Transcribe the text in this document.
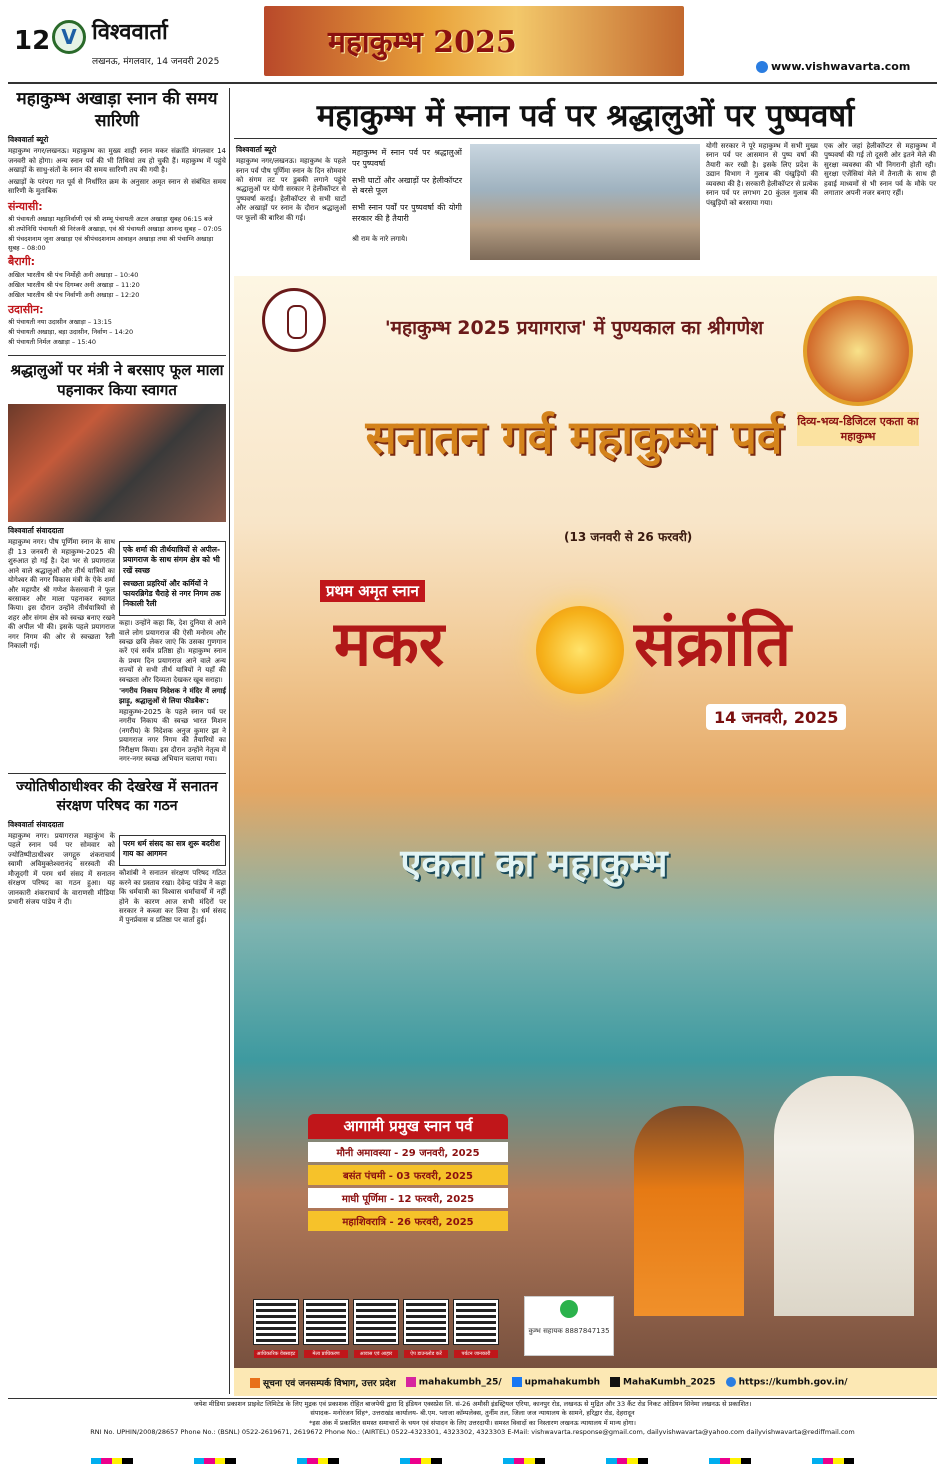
12 V विश्ववार्ता
लखनऊ, मंगलवार, 14 जनवरी 2025
महाकुम्भ 2025
www.vishwavarta.com
महाकुम्भ अखाड़ा स्नान की समय सारिणी
विश्ववार्ता ब्यूरो

महाकुम्भ नगर/लखनऊ। महाकुम्भ का मुख्य शाही स्नान मकर संक्रांति मंगलवार 14 जनवरी को होगा। अन्य स्नान पर्व की भी तिथियां तय हो चुकी हैं। महाकुम्भ में पहुंचे अखाड़ों के साधु-संतों के स्नान की समय सारिणी तय की गयी है।

अखाड़ों के परंपरा गत पूर्व से निर्धारित क्रम के अनुसार अमृत स्नान से संबंधित समय सारिणी के मुताबिक

संन्यासी:
श्री पंचायती अखाड़ा महानिर्वाणी एवं श्री शम्भू पंचायती अटल अखाड़ा सुबह 06:15 बजे
श्री तपोनिधि पंचायती श्री निरंजनी अखाड़ा, एवं श्री पंचायती अखाड़ा आनन्द सुबह – 07:05
श्री पंचदशनाम जूना अखाड़ा एवं श्रीपंचदशनाम आवाहन अखाड़ा तथा श्री पंचाग्नि अखाड़ा सुबह – 08:00
बैरागी:
अखिल भारतीय श्री पंच निर्मोही अनी अखाड़ा – 10:40
अखिल भारतीय श्री पंच दिगम्बर अनी अखाड़ा – 11:20
अखिल भारतीय श्री पंच निर्वाणी अनी अखाड़ा – 12:20
उदासीन:
श्री पंचायती नया उदासीन अखाड़ा – 13:15
श्री पंचायती अखाड़ा, बड़ा उदासीन, निर्वाण – 14:20
श्री पंचायती निर्मल अखाड़ा – 15:40
श्रद्धालुओं पर मंत्री ने बरसाए फूल माला पहनाकर किया स्वागत
विश्ववार्ता संवाददाता

महाकुम्भ नगर। पौष पूर्णिमा स्नान के साथ ही 13 जनवरी से महाकुम्भ-2025 की शुरुआत हो गई है। देश भर से प्रयागराज आने वाले श्रद्धालुओं और तीर्थ यात्रियों का योगेश्वर की नगर विकास मंत्री के ऐके शर्मा और महापौर श्री गणेश केसरवानी ने फूल बरसाकर और माला पहनाकर स्वागत किया। इस दौरान उन्होंने तीर्थयात्रियों से शहर और संगम क्षेत्र को स्वच्छ बनाए रखने की अपील भी की। इसके पहले प्रयागराज नगर निगम की ओर से स्वच्छता रैली निकाली गई।

एके शर्मा की तीर्थयात्रियों से अपील- प्रयागराज के साथ संगम क्षेत्र को भी रखें स्वच्छ
स्वच्छता प्रहरियों और कर्मियों ने फायरब्रिगेड चैराहे से नगर निगम तक निकाली रैली

कहा। उन्होंने कहा कि, देश दुनिया से आने वाले लोग प्रयागराज की ऐसी मनोरम और स्वच्छ छवि लेकर जाएं कि उसका गुणगान करें एवं सर्वत्र प्रतिष्ठा हो। महाकुम्भ स्नान के प्रथम दिन प्रयागराज आने वाले अन्य राज्यों से सभी तीर्थ यात्रियों ने यहाँ की स्वच्छता और दिव्यता देखकर खूब सराहा।

'नगरीय निकाय निदेशक ने मंदिर में लगाई झाड़ू, श्रद्धालुओं से लिया फीडबैक':

महाकुम्भ-2025 के पहले स्नान पर्व पर नगरीय निकाय की स्वच्छ भारत मिशन (नगरीय) के निदेशक अनुज कुमार झा ने प्रयागराज नगर निगम की तैयारियों का निरीक्षण किया। इस दौरान उन्होंने नेतृत्व में नगर-नगर स्वच्छ अभियान चलाया गया।

ज्योतिषीठाधीश्वर की देखरेख में सनातन संरक्षण परिषद का गठन
विश्ववार्ता संवाददाता

महाकुम्भ नगर। प्रयागराज महाकुंभ के पहले स्नान पर्व पर सोमवार को ज्योतिष्पीठाधीश्वर जगद्गुरु शंकराचार्य स्वामी अविमुक्तेश्वरानंद सरस्वती की मौजूदगी में परम धर्म संसद में सनातन संरक्षण परिषद का गठन हुआ। यह जानकारी शंकराचार्य के वाराणसी मीडिया प्रभारी संजय पांडेय ने दी।

परम धर्म संसद का सत्र शुरू बदरीश गाय का आगमन

कौशांबी ने सनातन संरक्षण परिषद गठित करने का प्रस्ताव रखा। देवेन्द्र पांडेय ने कहा कि धर्मयात्री का विश्वास धर्मांचार्यों में नहीं होने के कारण आज सभी मंदिरों पर सरकार ने कब्जा कर लिया है। धर्म संसद में पुनर्प्रवास व प्रतिष्ठा पर वार्ता हुई।

महाकुम्भ में स्नान पर्व पर श्रद्धालुओं पर पुष्पवर्षा
विश्ववार्ता ब्यूरो

महाकुम्भ नगर/लखनऊ। महाकुम्भ के पहले स्नान पर्व पौष पूर्णिमा स्नान के दिन सोमवार को संगम तट पर डुबकी लगाने पहुंचे श्रद्धालुओं पर योगी सरकार ने हेलीकॉप्टर से पुष्पवर्षा कराई। हेलीकॉप्टर से सभी घाटों और अखाड़ों पर स्नान के दौरान श्रद्धालुओं पर फूलों की बारिश की गई।

महाकुम्भ में स्नान पर्व पर श्रद्धालुओं पर पुष्पवर्षा

सभी घाटों और अखाड़ों पर हेलीकॉप्टर से बरसे फूल

सभी स्नान पर्वों पर पुष्पवर्षा की योगी सरकार की है तैयारी

श्री राम के नारे लगाये।

योगी सरकार ने पूरे महाकुम्भ में सभी मुख्य स्नान पर्व पर आसमान से पुष्प वर्षा की तैयारी कर रखी है। इसके लिए प्रदेश के उद्यान विभाग ने गुलाब की पंखुड़ियों की व्यवस्था की है। सरकारी हेलीकॉप्टर से प्रत्येक स्नान पर्व पर लगभग 20 कुंतल गुलाब की पंखुड़ियों को बरसाया गया।

एक ओर जहां हेलीकॉप्टर से महाकुम्भ में पुष्पवर्षा की गई तो दूसरी ओर इतने मेले की सुरक्षा व्यवस्था की भी निगरानी होती रही। सुरक्षा एजेंसियां मेले में तैनाती के साथ ही हवाई माध्यमों से भी स्नान पर्व के मौके पर लगातार अपनी नजर बनाए रहीं।

दिव्य-भव्य-डिजिटल एकता का महाकुम्भ
'महाकुम्भ 2025 प्रयागराज' में पुण्यकाल का श्रीगणेश
सनातन गर्व महाकुम्भ पर्व
(13 जनवरी से 26 फरवरी)
प्रथम अमृत स्नान
मकर	संक्रांति
14 जनवरी, 2025
एकता का महाकुम्भ
आगामी प्रमुख स्नान पर्व
मौनी अमावस्या - 29 जनवरी, 2025
बसंत पंचमी - 03 फरवरी, 2025
माघी पूर्णिमा - 12 फरवरी, 2025
महाशिवरात्रि - 26 फरवरी, 2025
आधिकारिक वेबसाइट	मेला प्राधिकरण	आवास एवं आहार	ऐप डाउनलोड करें	पर्यटन जानकारी
कुम्भ सहायक 8887847135
सूचना एवं जनसम्पर्क विभाग, उत्तर प्रदेश	mahakumbh_25/	upmahakumbh	MahaKumbh_2025	https://kumbh.gov.in/
जयेश मीडिया प्रकाशन प्राइवेट लिमिटेड के लिए मुद्रक एवं प्रकाशक रोहित बाजपेयी द्वारा दि इंडियन एक्सप्रेस लि. सं-26 अमौसी इंडस्ट्रियल एरिया, कानपुर रोड, लखनऊ से मुद्रित और 33 कैंट रोड निकट ओडियन सिनेमा लखनऊ से प्रकाशित।
संपादक- मनोरंजन सिंह*, उत्तराखंड कार्यालय- बी.एम. प्लाजा कॉम्पलेक्स, तुर्नीम तल, जिला जज न्यायालय के सामने, हरिद्वार रोड, देहरादून
*इस अंक में प्रकाशित समस्त समाचारों के चयन एवं संपादन के लिए उत्तरदायी। समस्त विवादों का निस्तारण लखनऊ न्यायालय में मान्य होगा।
RNI No. UPHIN/2008/28657 Phone No.: (BSNL) 0522-2619671, 2619672 Phone No.: (AIRTEL) 0522-4323301, 4323302, 4323303 E-Mail: vishwavarta.response@gmail.com, dailyvishwavarta@yahoo.com dailyvishwavarta@rediffmail.com
